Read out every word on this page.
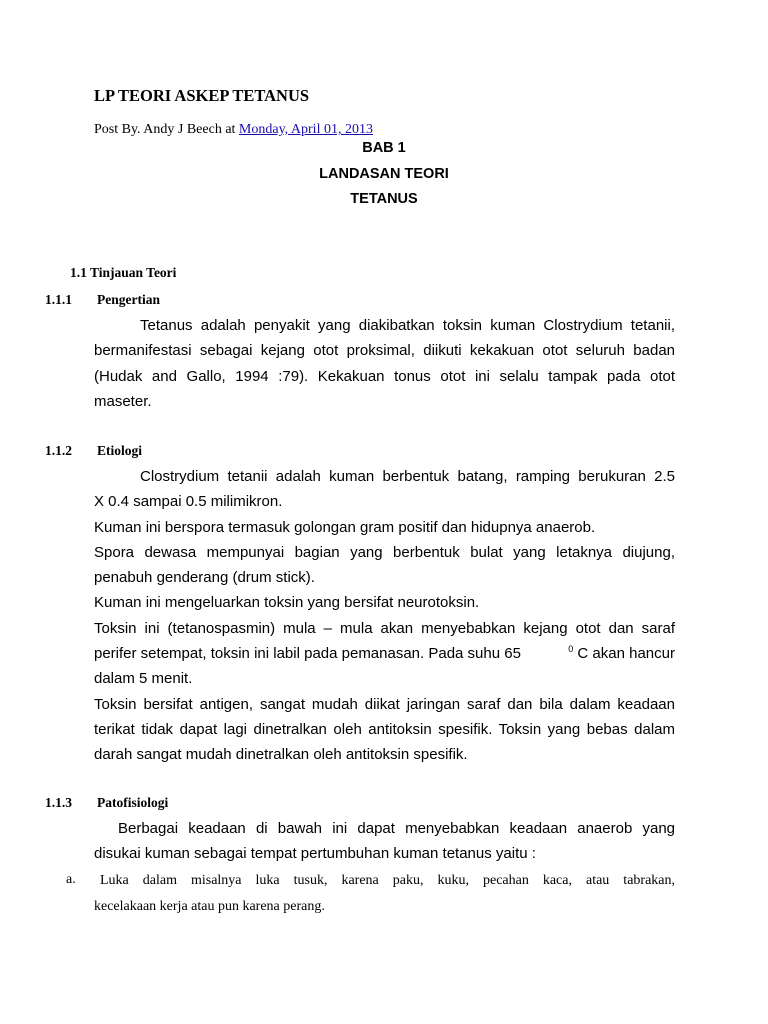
LP TEORI ASKEP TETANUS
Post By. Andy J Beech at Monday, April 01, 2013
BAB 1
LANDASAN TEORI
TETANUS
1.1 Tinjauan Teori
1.1.1 Pengertian
Tetanus adalah penyakit yang diakibatkan toksin kuman Clostrydium tetanii,
bermanifestasi sebagai kejang otot proksimal, diikuti kekakuan otot seluruh badan
(Hudak and Gallo, 1994 :79). Kekakuan tonus otot ini selalu tampak pada otot
maseter.
1.1.2 Etiologi
Clostrydium tetanii adalah kuman berbentuk batang, ramping berukuran 2.5
X 0.4 sampai 0.5 milimikron.
Kuman ini berspora termasuk golongan gram positif dan hidupnya anaerob.
Spora dewasa mempunyai bagian yang berbentuk bulat yang letaknya diujung,
penabuh genderang (drum stick).
Kuman ini mengeluarkan toksin yang bersifat neurotoksin.
Toksin ini (tetanospasmin) mula – mula akan menyebabkan kejang otot dan saraf
perifer setempat, toksin ini labil pada pemanasan. Pada suhu 65	$^0$ C akan hancur
dalam 5 menit.
Toksin bersifat antigen, sangat mudah diikat jaringan saraf dan bila dalam keadaan
terikat tidak dapat lagi dinetralkan oleh antitoksin spesifik. Toksin yang bebas dalam
darah sangat mudah dinetralkan oleh antitoksin spesifik.
1.1.3 Patofisiologi
Berbagai keadaan di bawah ini dapat menyebabkan keadaan anaerob yang
disukai kuman sebagai tempat pertumbuhan kuman tetanus yaitu :
a.	Luka dalam misalnya luka tusuk, karena paku, kuku, pecahan kaca, atau tabrakan,
kecelakaan kerja atau pun karena perang.
